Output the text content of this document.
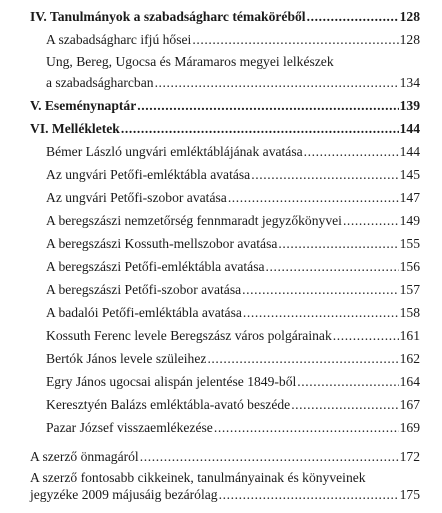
IV. Tanulmányok a szabadságharc témaköréből .....	128
A szabadságharc ifjú hősei .....	128
Ung, Bereg, Ugocsa és Máramaros megyei lelkészek
a szabadságharcban .....	134
V. Eseménynaptár .....	139
VI. Mellékletek .....	144
Bémer László ungvári emléktáblájának avatása .....	144
Az ungvári Petőfi-emléktábla avatása .....	145
Az ungvári Petőfi-szobor avatása .....	147
A beregszászi nemzetőrség fennmaradt jegyzőkönyvei .....	149
A beregszászi Kossuth-mellszobor avatása .....	155
A beregszászi Petőfi-emléktábla avatása .....	156
A beregszászi Petőfi-szobor avatása .....	157
A badalói Petőfi-emléktábla avatása .....	158
Kossuth Ferenc levele Beregszász város polgárainak .....	161
Bertók János levele szüleihez .....	162
Egry János ugocsai alispán jelentése 1849-ből .....	164
Keresztyén Balázs emléktábla-avató beszéde .....	167
Pazar József visszaemlékezése .....	169
A szerző önmagáról .....	172
A szerző fontosabb cikkeinek, tanulmányainak és könyveinek
jegyzéke 2009 májusáig bezárólag .....	175
